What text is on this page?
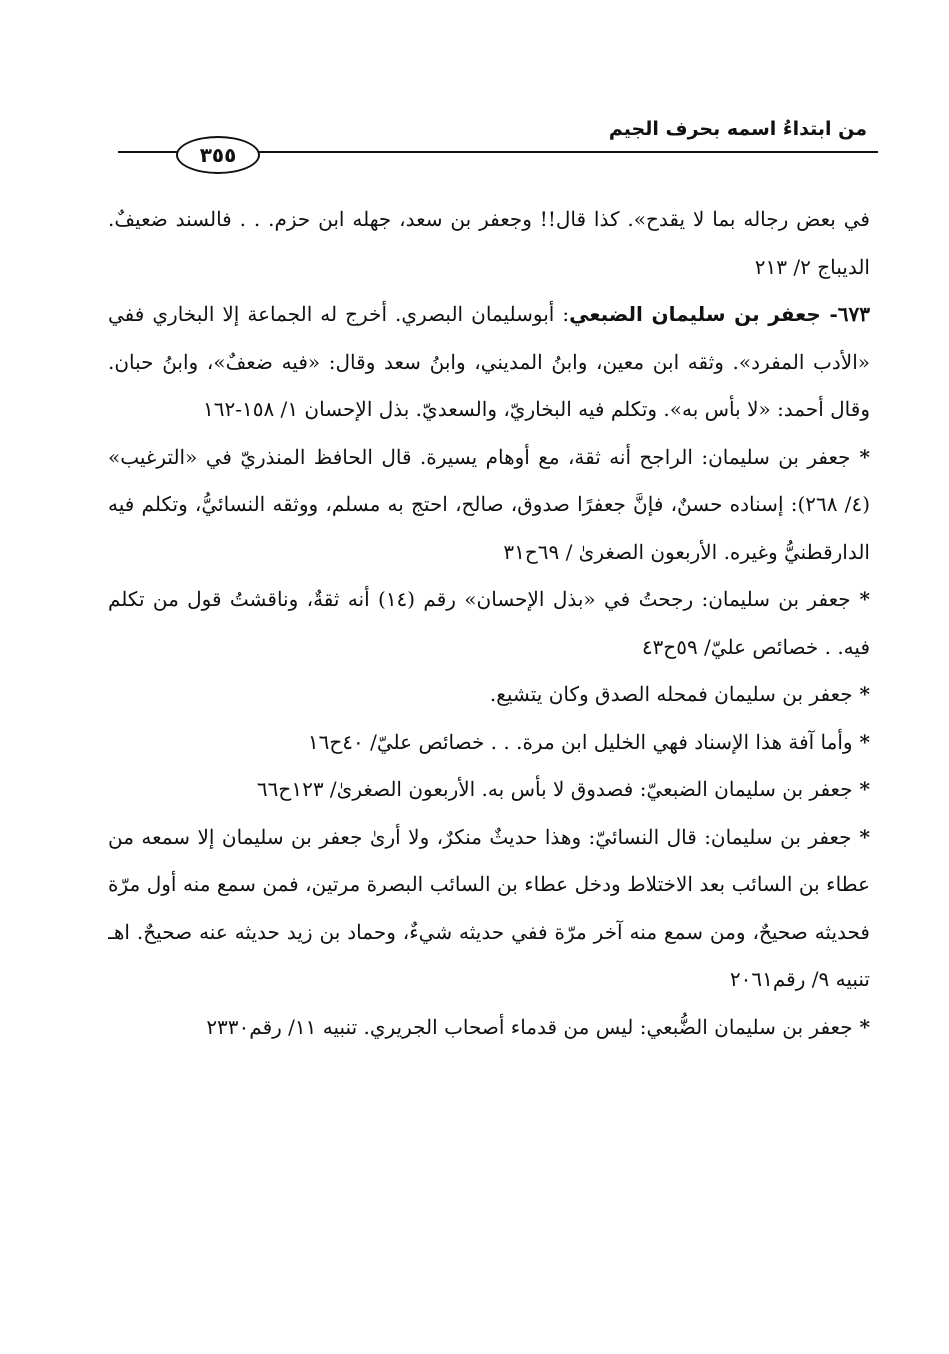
من ابتداءُ اسمه بحرف الجيم
٣٥٥

في بعض رجاله بما لا يقدح». كذا قال!! وجعفر بن سعد، جهله ابن حزم. . . فالسند ضعيفٌ. الديباج ٢/ ٢١٣

٦٧٣- جعفر بن سليمان الضبعي: أبوسليمان البصري. أخرج له الجماعة إلا البخاري ففي «الأدب المفرد». وثقه ابن معين، وابنُ المديني، وابنُ سعد وقال: «فيه ضعفٌ»، وابنُ حبان. وقال أحمد: «لا بأس به». وتكلم فيه البخاريّ، والسعديّ. بذل الإحسان ١/ ١٥٨-١٦٢

* جعفر بن سليمان: الراجح أنه ثقة، مع أوهام يسيرة. قال الحافظ المنذريّ في «الترغيب» (٤/ ٢٦٨): إسناده حسنٌ، فإنَّ جعفرًا صدوق، صالح، احتج به مسلم، ووثقه النسائيُّ، وتكلم فيه الدارقطنيُّ وغيره. الأربعون الصغرىٰ / ٦٩ح٣١

* جعفر بن سليمان: رجحتُ في «بذل الإحسان» رقم (١٤) أنه ثقةٌ، وناقشتُ قول من تكلم فيه. . خصائص عليّ/ ٥٩ح٤٣

* جعفر بن سليمان فمحله الصدق وكان يتشيع.

* وأما آفة هذا الإسناد فهي الخليل ابن مرة. . . خصائص عليّ/ ٤٠ح١٦

* جعفر بن سليمان الضبعيّ: فصدوق لا بأس به. الأربعون الصغرىٰ/ ١٢٣ح٦٦

* جعفر بن سليمان: قال النسائيّ: وهذا حديثٌ منكرٌ، ولا أرىٰ جعفر بن سليمان إلا سمعه من عطاء بن السائب بعد الاختلاط ودخل عطاء بن السائب البصرة مرتين، فمن سمع منه أول مرّة فحديثه صحيحٌ، ومن سمع منه آخر مرّة ففي حديثه شيءٌ، وحماد بن زيد حديثه عنه صحيحٌ. اهـ تنبيه ٩/ رقم٢٠٦١

* جعفر بن سليمان الضُّبعي: ليس من قدماء أصحاب الجريري. تنبيه ١١/ رقم٢٣٣٠
